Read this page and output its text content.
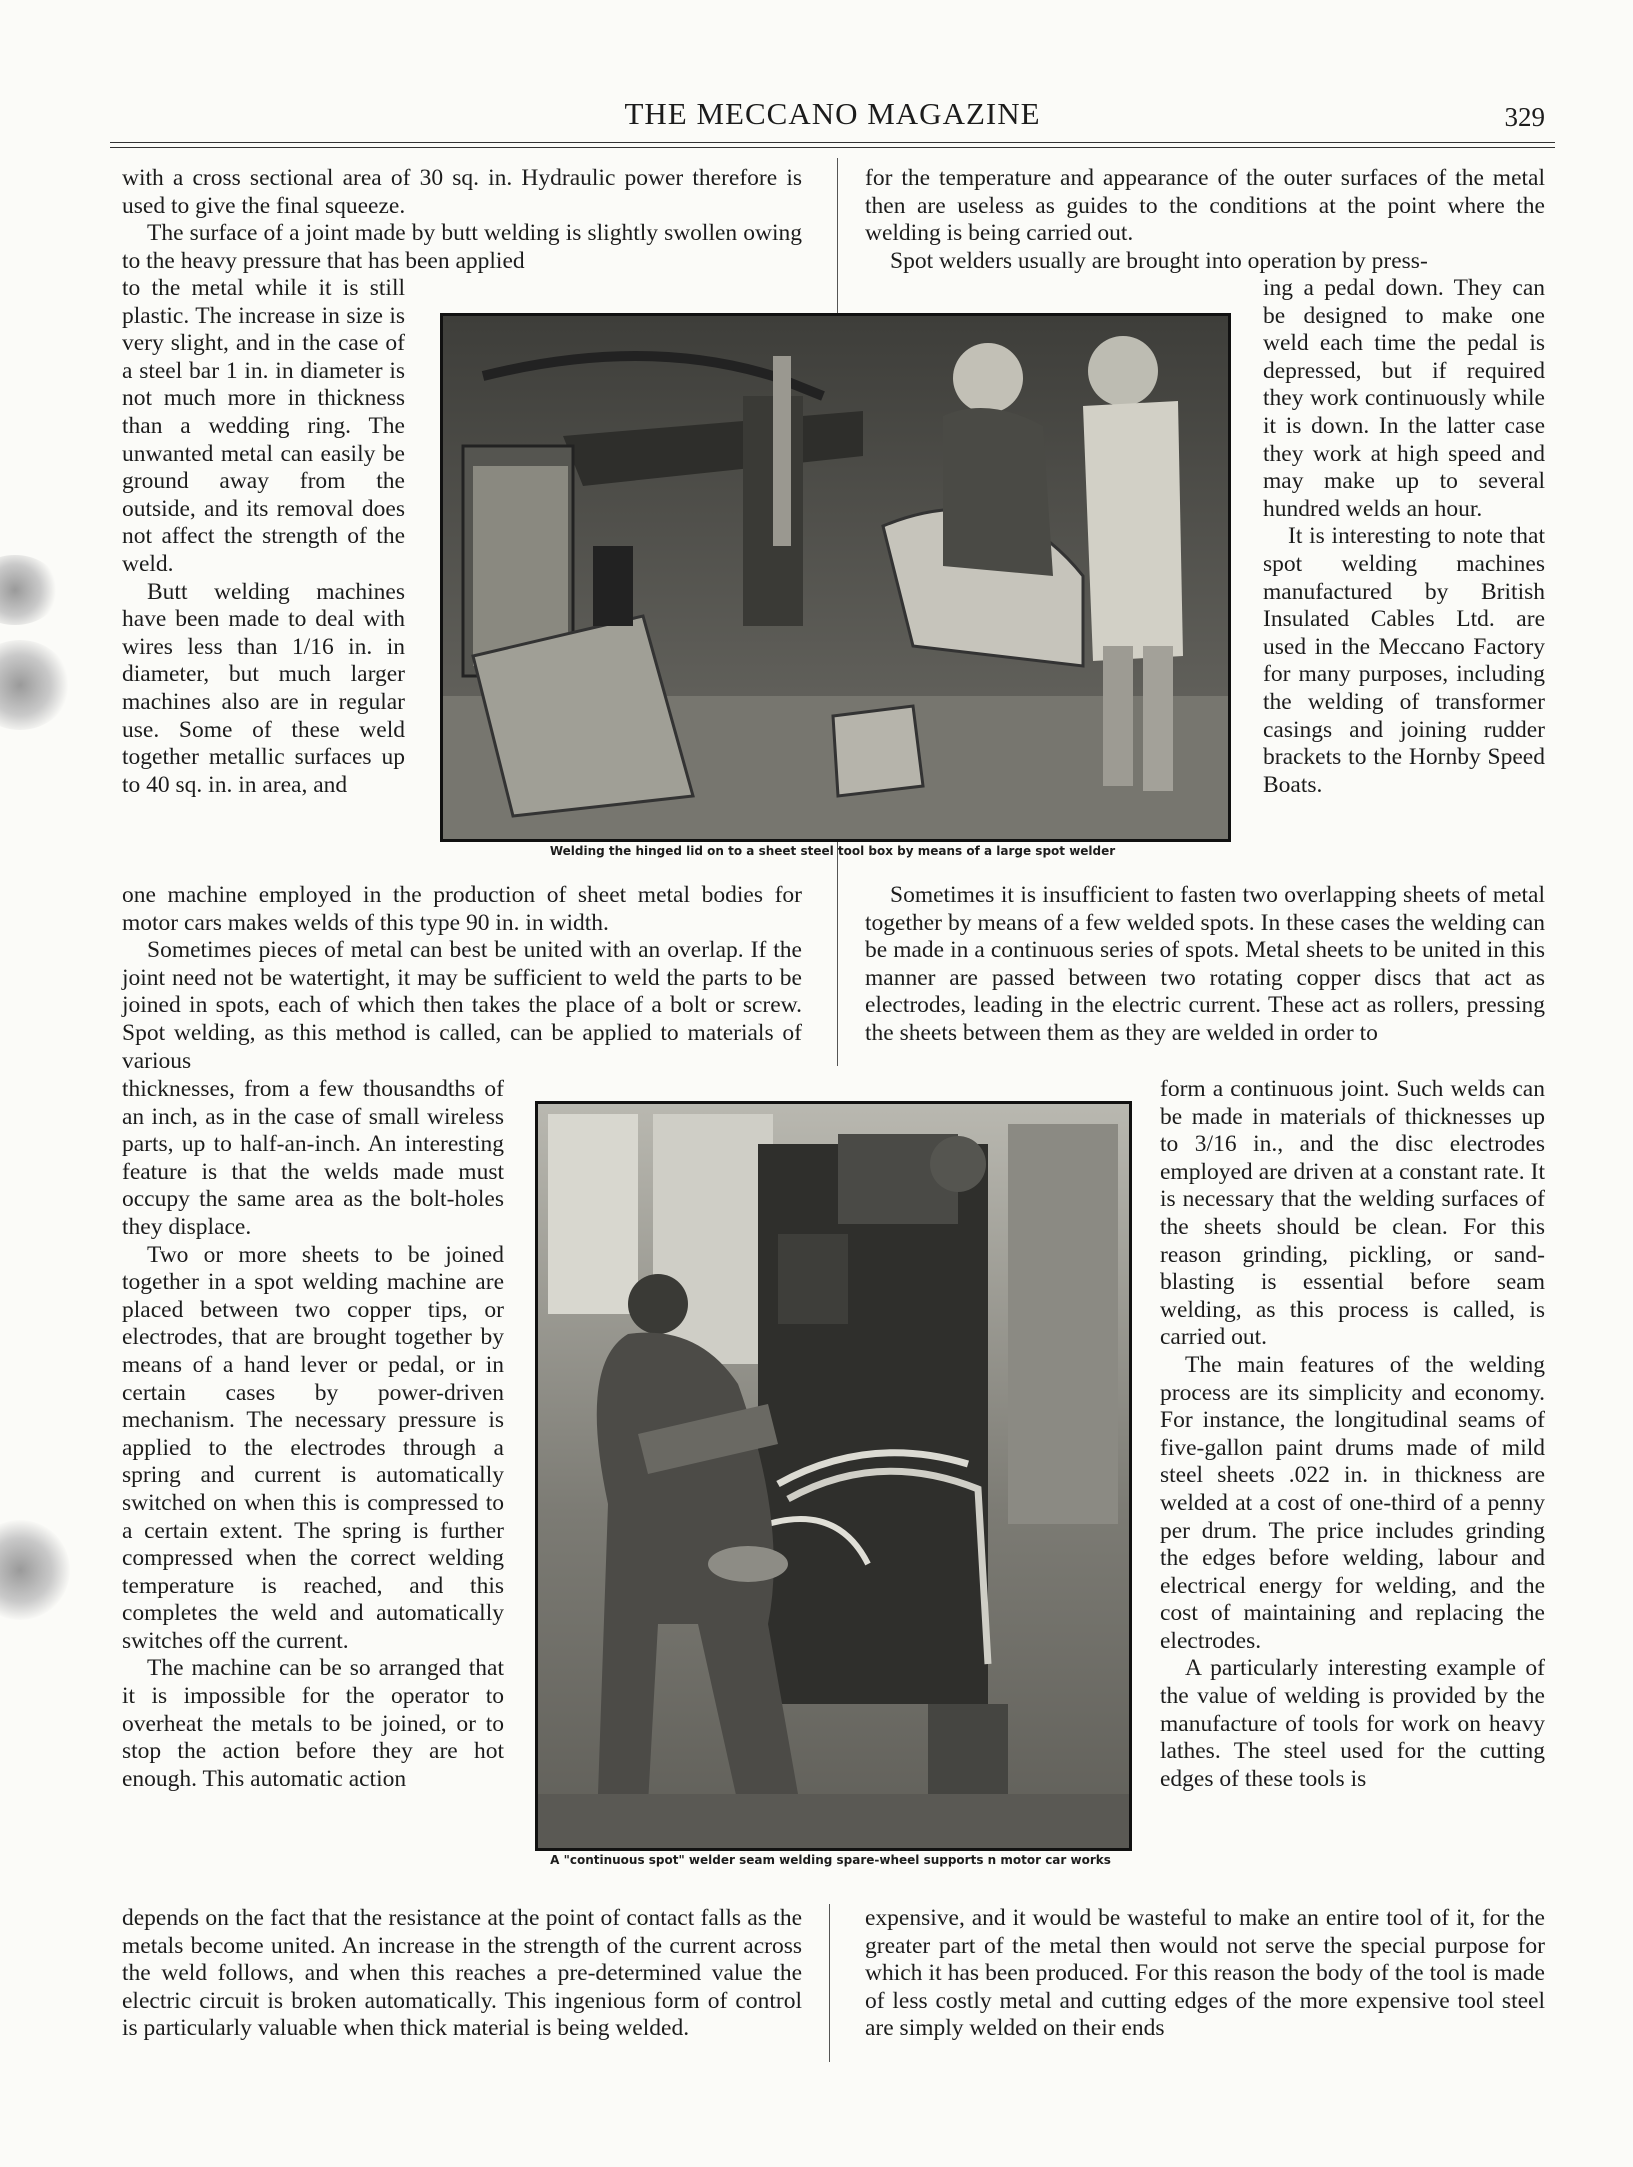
THE MECCANO MAGAZINE	329

with a cross sectional area of 30 sq. in. Hydraulic power therefore is used to give the final squeeze.

The surface of a joint made by butt welding is slightly swollen owing to the heavy pressure that has been applied

to the metal while it is still plastic. The increase in size is very slight, and in the case of a steel bar 1 in. in diameter is not much more in thickness than a wedding ring. The unwanted metal can easily be ground away from the outside, and its removal does not affect the strength of the weld.

Butt welding machines have been made to deal with wires less than 1/16 in. in diameter, but much larger machines also are in regular use. Some of these weld together metallic surfaces up to 40 sq. in. in area, and

one machine employed in the production of sheet metal bodies for motor cars makes welds of this type 90 in. in width.

Sometimes pieces of metal can best be united with an overlap. If the joint need not be watertight, it may be sufficient to weld the parts to be joined in spots, each of which then takes the place of a bolt or screw. Spot welding, as this method is called, can be applied to materials of various

thicknesses, from a few thousandths of an inch, as in the case of small wireless parts, up to half-an-inch. An interesting feature is that the welds made must occupy the same area as the bolt-holes they displace.

Two or more sheets to be joined together in a spot welding machine are placed between two copper tips, or electrodes, that are brought together by means of a hand lever or pedal, or in certain cases by power-driven mechanism. The necessary pressure is applied to the electrodes through a spring and current is automatically switched on when this is compressed to a certain extent. The spring is further compressed when the correct welding temperature is reached, and this completes the weld and automatically switches off the current.

The machine can be so arranged that it is impossible for the operator to overheat the metals to be joined, or to stop the action before they are hot enough. This automatic action

depends on the fact that the resistance at the point of contact falls as the metals become united. An increase in the strength of the current across the weld follows, and when this reaches a pre-determined value the electric circuit is broken automatically. This ingenious form of control is particularly valuable when thick material is being welded.

for the temperature and appearance of the outer surfaces of the metal then are useless as guides to the conditions at the point where the welding is being carried out.

Spot welders usually are brought into operation by press-

ing a pedal down. They can be designed to make one weld each time the pedal is depressed, but if required they work continuously while it is down. In the latter case they work at high speed and may make up to several hundred welds an hour.

It is interesting to note that spot welding machines manufactured by British Insulated Cables Ltd. are used in the Meccano Factory for many purposes, including the welding of transformer casings and joining rudder brackets to the Hornby Speed Boats.

Sometimes it is insufficient to fasten two overlapping sheets of metal together by means of a few welded spots. In these cases the welding can be made in a continuous series of spots. Metal sheets to be united in this manner are passed between two rotating copper discs that act as electrodes, leading in the electric current. These act as rollers, pressing the sheets between them as they are welded in order to

form a continuous joint. Such welds can be made in materials of thicknesses up to 3/16 in., and the disc electrodes employed are driven at a constant rate. It is necessary that the welding surfaces of the sheets should be clean. For this reason grinding, pickling, or sand-blasting is essential before seam welding, as this process is called, is carried out.

The main features of the welding process are its simplicity and economy. For instance, the longitudinal seams of five-gallon paint drums made of mild steel sheets .022 in. in thickness are welded at a cost of one-third of a penny per drum. The price includes grinding the edges before welding, labour and electrical energy for welding, and the cost of maintaining and replacing the electrodes.

A particularly interesting example of the value of welding is provided by the manufacture of tools for work on heavy lathes. The steel used for the cutting edges of these tools is

expensive, and it would be wasteful to make an entire tool of it, for the greater part of the metal then would not serve the special purpose for which it has been produced. For this reason the body of the tool is made of less costly metal and cutting edges of the more expensive tool steel are simply welded on their ends

Welding the hinged lid on to a sheet steel tool box by means of a large spot welder
A "continuous spot" welder seam welding spare-wheel supports n motor car works
